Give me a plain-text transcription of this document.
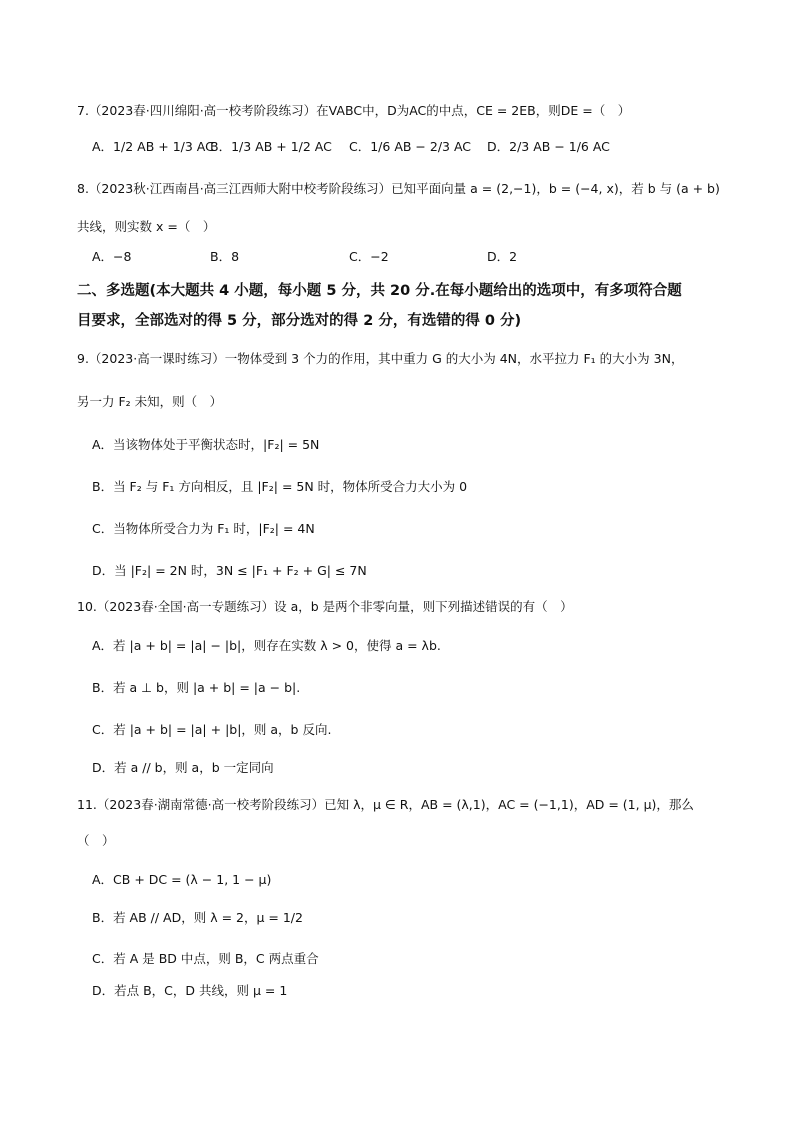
7.（2023春·四川绵阳·高一校考阶段练习）在VABC中，D为AC的中点，CE = 2EB，则DE =（　）
A．1/2 AB + 1/3 AC
B．1/3 AB + 1/2 AC C．1/6 AB − 2/3 AC D．2/3 AB − 1/6 AC
8.（2023秋·江西南昌·高三江西师大附中校考阶段练习）已知平面向量 a = (2,−1)，b = (−4, x)，若 b 与 (a + b)
共线，则实数 x =（　）
A．−8	B．8	C．−2	D．2
二、多选题(本大题共 4 小题，每小题 5 分，共 20 分.在每小题给出的选项中，有多项符合题
目要求，全部选对的得 5 分，部分选对的得 2 分，有选错的得 0 分)
9.（2023·高一课时练习）一物体受到 3 个力的作用，其中重力 G 的大小为 4N，水平拉力 F₁ 的大小为 3N，
另一力 F₂ 未知，则（　）
A．当该物体处于平衡状态时，|F₂| = 5N
B．当 F₂ 与 F₁ 方向相反，且 |F₂| = 5N 时，物体所受合力大小为 0
C．当物体所受合力为 F₁ 时，|F₂| = 4N
D．当 |F₂| = 2N 时，3N ≤ |F₁ + F₂ + G| ≤ 7N
10.（2023春·全国·高一专题练习）设 a，b 是两个非零向量，则下列描述错误的有（　）
A．若 |a + b| = |a| − |b|，则存在实数 λ > 0，使得 a = λb.
B．若 a ⊥ b，则 |a + b| = |a − b|.
C．若 |a + b| = |a| + |b|，则 a，b 反向.
D．若 a // b，则 a，b 一定同向
11.（2023春·湖南常德·高一校考阶段练习）已知 λ，μ ∈ R，AB = (λ,1)，AC = (−1,1)，AD = (1, μ)，那么
（　）
A．CB + DC = (λ − 1, 1 − μ)
B．若 AB // AD，则 λ = 2，μ = 1/2
C．若 A 是 BD 中点，则 B，C 两点重合
D．若点 B，C，D 共线，则 μ = 1
